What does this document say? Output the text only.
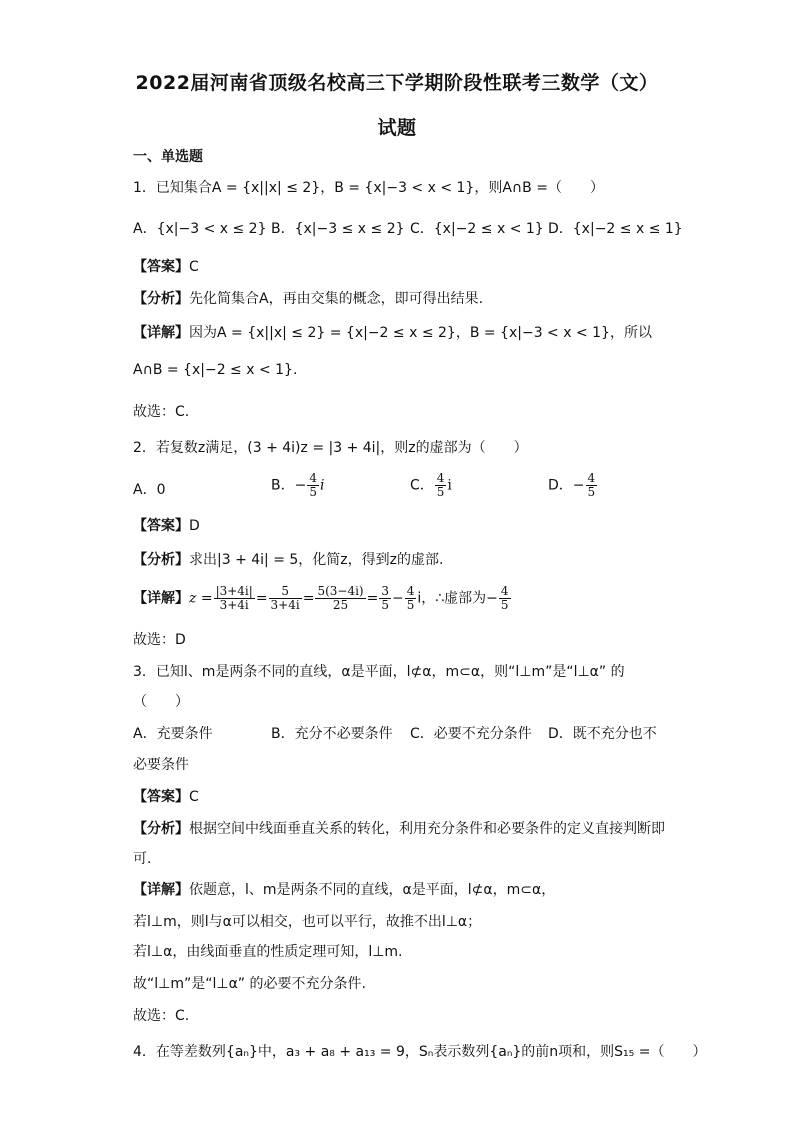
2022届河南省顶级名校高三下学期阶段性联考三数学（文）
试题
一、单选题
1．已知集合A = {x||x| ≤ 2}，B = {x|−3 < x < 1}，则A∩B =（　　）
A．{x|−3 < x ≤ 2} B．{x|−3 ≤ x ≤ 2} C．{x|−2 ≤ x < 1} D．{x|−2 ≤ x ≤ 1}
【答案】C
【分析】先化简集合A，再由交集的概念，即可得出结果.
【详解】因为A = {x||x| ≤ 2} = {x|−2 ≤ x ≤ 2}，B = {x|−3 < x < 1}，所以
A∩B = {x|−2 ≤ x < 1}.
故选：C.
2．若复数z满足，(3 + 4i)z = |3 + 4i|，则z的虚部为（　　）
A．0	B．− $\frac{4}{5}$ i	C． $\frac{4}{5}$ i	D．− $\frac{4}{5}$
【答案】D
【分析】求出|3 + 4i| = 5，化简z，得到z的虚部.
【详解】$z = \frac{|3+4i|}{3+4i} = \frac{5}{3+4i} = \frac{5(3-4i)}{25} = \frac{3}{5} - \frac{4}{5}$ i，∴虚部为− $\frac{4}{5}$
故选：D
3．已知l、m是两条不同的直线，α是平面，l⊄α，m⊂α，则“l⊥m”是“l⊥α” 的
（　　）
A．充要条件	B．充分不必要条件 C．必要不充分条件 D．既不充分也不
必要条件
【答案】C
【分析】根据空间中线面垂直关系的转化，利用充分条件和必要条件的定义直接判断即
可.
【详解】依题意，l、m是两条不同的直线，α是平面，l⊄α，m⊂α，
若l⊥m，则l与α可以相交，也可以平行，故推不出l⊥α；
若l⊥α，由线面垂直的性质定理可知，l⊥m.
故“l⊥m”是“l⊥α” 的必要不充分条件.
故选：C.
4．在等差数列{aₙ}中，a₃ + a₈ + a₁₃ = 9，Sₙ表示数列{aₙ}的前n项和，则S₁₅ =（　　）
